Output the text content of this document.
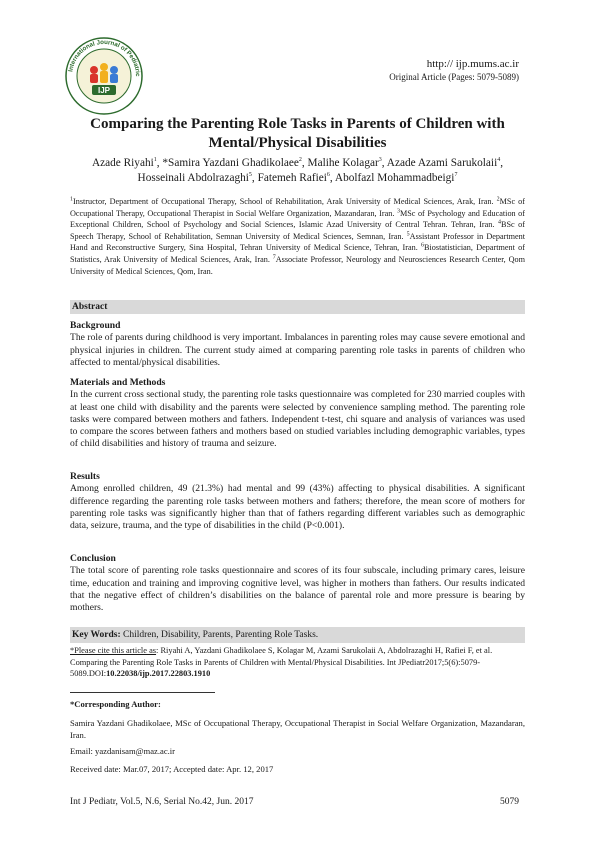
IJP
International Journal of Pediatric
http:// ijp.mums.ac.ir
Original Article (Pages: 5079-5089)
Comparing the Parenting Role Tasks in Parents of Children with Mental/Physical Disabilities
Azade Riyahi$^1$, *Samira Yazdani Ghadikolaee$^2$, Malihe Kolagar$^3$, Azade Azami Sarukolaii$^4$,
Hosseinali Abdolrazaghi$^5$, Fatemeh Rafiei$^6$, Abolfazl Mohammadbeigi$^7$
$^1$Instructor, Department of Occupational Therapy, School of Rehabilitation, Arak University of Medical Sciences, Arak, Iran. $^2$MSc of Occupational Therapy, Occupational Therapist in Social Welfare Organization, Mazandaran, Iran. $^3$MSc of Psychology and Education of Exceptional Children, School of Psychology and Social Sciences, Islamic Azad University of Central Tehran. Tehran, Iran. $^4$BSc of Speech Therapy, School of Rehabilitation, Semnan University of Medical Sciences, Semnan, Iran. $^5$Assistant Professor in Department Hand and Reconstructive Surgery, Sina Hospital, Tehran University of Medical Science, Tehran, Iran. $^6$Biostatistician, Department of Statistics, Arak University of Medical Sciences, Arak, Iran. $^7$Associate Professor, Neurology and Neurosciences Research Center, Qom University of Medical Sciences, Qom, Iran.
Abstract
Background

The role of parents during childhood is very important. Imbalances in parenting roles may cause severe emotional and physical injuries in children. The current study aimed at comparing parenting role tasks in parents of children who affected to mental/physical disabilities.

Materials and Methods

In the current cross sectional study, the parenting role tasks questionnaire was completed for 230 married couples with at least one child with disability and the parents were selected by convenience sampling method. The parenting role tasks were compared between mothers and fathers. Independent t-test, chi square and analysis of variances was used to compare the scores between fathers and mothers based on studied variables including demographic variables, types of child disabilities and history of trauma and seizure.

Results

Among enrolled children, 49 (21.3%) had mental and 99 (43%) affecting to physical disabilities. A significant difference regarding the parenting role tasks between mothers and fathers; therefore, the mean score of mothers for parenting role tasks was significantly higher than that of fathers regarding different variables such as demographic data, seizure, trauma, and the type of disabilities in the child (P<0.001).

Conclusion

The total score of parenting role tasks questionnaire and scores of its four subscale, including primary cares, leisure time, education and training and improving cognitive level, was higher in mothers than fathers. Our results indicated that the negative effect of children’s disabilities on the balance of parental role and more pressure is bearing by mothers.

Key Words: Children, Disability, Parents, Parenting Role Tasks.
*Please cite this article as: Riyahi A, Yazdani Ghadikolaee S, Kolagar M, Azami Sarukolaii A, Abdolrazaghi H, Rafiei F, et al. Comparing the Parenting Role Tasks in Parents of Children with Mental/Physical Disabilities. Int JPediatr2017;5(6):5079-5089.DOI:10.22038/ijp.2017.22803.1910

*Corresponding Author:

Samira Yazdani Ghadikolaee, MSc of Occupational Therapy, Occupational Therapist in Social Welfare Organization, Mazandaran, Iran.

Email: yazdanisam@maz.ac.ir

Received date: Mar.07, 2017; Accepted date: Apr. 12, 2017

Int J Pediatr, Vol.5, N.6, Serial No.42, Jun. 2017	5079
